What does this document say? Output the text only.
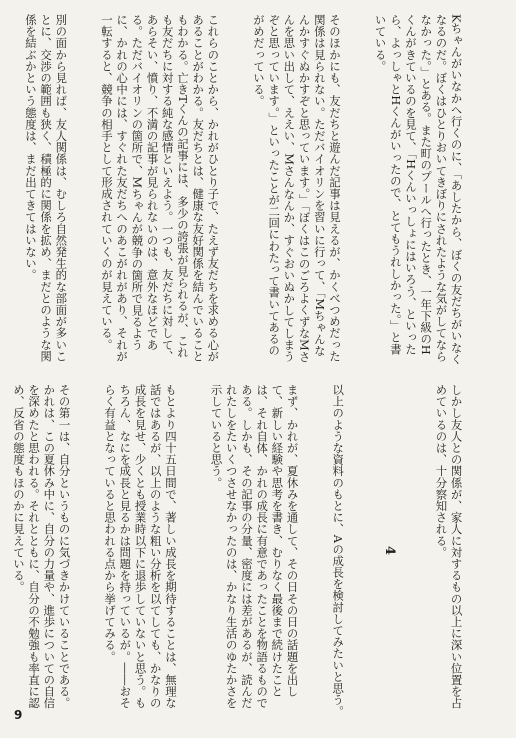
Kちゃんがいなかへ行くのに、「あしたから、ぼくの友だちがいなくなるのだ。ぼくはひとりおいてきぼりにされたような気がしてならなかった。」とある。また町のプールへ行ったとき、一年下級のHくんがきているのを見て、「Hくんいっしょにはいろう、といったら、よっしゃとHくんがいったので、とてもうれしかった。」と書いている。

そのほかにも、友だちと遊んだ記事は見えるが、かくべつめだった関係は見られない。ただバイオリンを習いに行って、「Mちゃんなんかすぐぬかすぞと思っています。」「ぼくはこのごろよくずなMさんを思い出して、ええい、Mさんなんか、すぐおいぬかしてしまうぞと思っています。」といったことが二回にわたって書いてあるのがめだっている。

これらのことから、かれがひとり子で、たえず友だちを求める心があることがわかる。友だちとは、健康な友好関係を結んでいることもわかる。亡きTくんの記事には、多少の誇張が見られるが、これも友だちに対する純な感情といえよう。一つも、友だちに対して、あらそい、憤り、不満の記事が見られないのは、意外なほどである。ただバイオリンの箇所で、Mちゃんが競争の箇所で見るように、かれの心中には、すぐれた友だちへのあこがれがあり、それが一転すると、競争の相手として形成されていくのが見えている。

別の面から見れば、友人関係は、むしろ自然発生的な部面が多いことに、交渉の範囲も狭く、積極的に関係を拡め、まだとのような関係を結ぶかという態度は、まだ出てきてはいない。

しかし友人との関係が、家人に対するもの以上に深い位置を占めているのは、十分察知される。

4

以上のような資料のもとに、Aの成長を検討してみたいと思う。

まず、かれが、夏休みを通して、その日その日の話題を出して、新しい経験や思考を書き、むりなく最後まで続けたことは、それ自体、かれの成長に有意であったことを物語るものである。しかも、その記事の分量、密度には差があるが、読んだれたしをたいくつさせなかったのは、かなり生活のゆたかさを示していると思う。

もとより四十五日間で、著しい成長を期待することは、無理な話ではあるが、以上のような粗い分析を以てしても、かなりの成長を見せ、少くとも授業時以下に退歩していないと思う。もちろん、なにを成長と見るかは問題を持っているが。――おそらく有益となっていると思われる点から挙げてみる。

その第一は、自分というものに気づきかけていることである。かれは、この夏休み中に、自分の力量や、進歩についての自信を深めたと思われる。それとともに、自分の不勉強も率直に認め、反省の態度もほのかに見えている。

9
